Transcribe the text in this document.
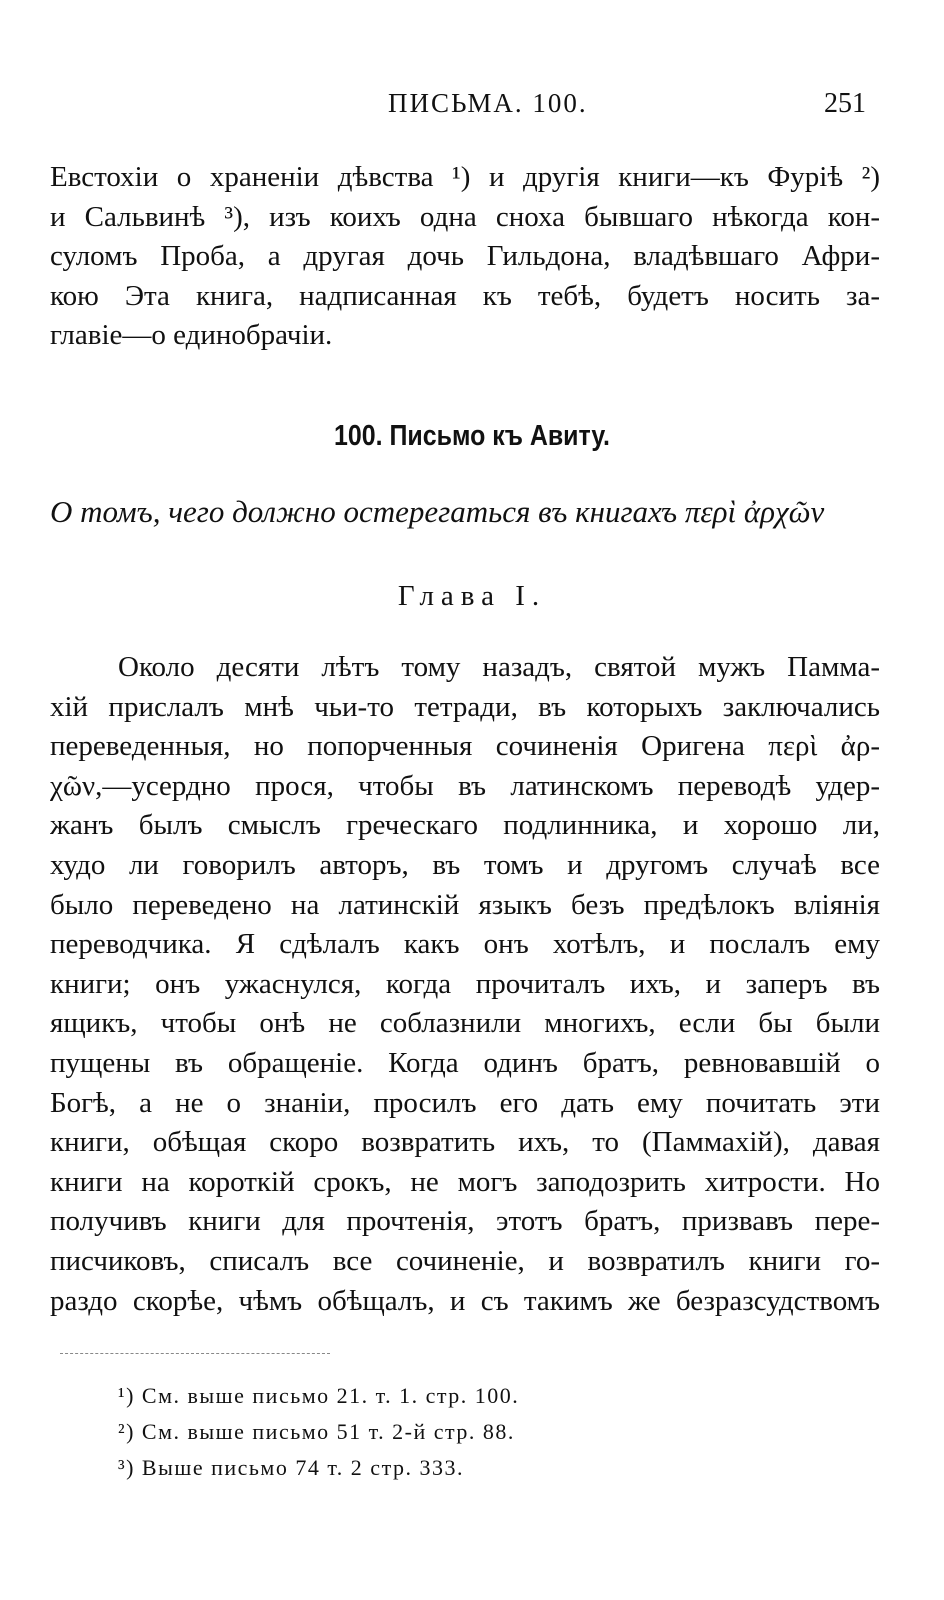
ПИСЬМА. 100.	251
Евстохіи о храненіи дѣвства ¹) и другія книги—къ Фуріѣ ²)
и Сальвинѣ ³), изъ коихъ одна сноха бывшаго нѣкогда кон-
суломъ Проба, а другая дочь Гильдона, владѣвшаго Афри-
кою Эта книга, надписанная къ тебѣ, будетъ носить за-
главіе—о единобрачіи.
100. Письмо къ Авиту.
О томъ, чего должно остерегаться въ книгахъ περὶ ἀρχῶν
Глава I.
Около десяти лѣтъ тому назадъ, святой мужъ Памма-
хій прислалъ мнѣ чьи-то тетради, въ которыхъ заключались
переведенныя, но попорченныя сочиненія Оригена περὶ ἀρ-
χῶν,—усердно прося, чтобы въ латинскомъ переводѣ удер-
жанъ былъ смыслъ греческаго подлинника, и хорошо ли,
худо ли говорилъ авторъ, въ томъ и другомъ случаѣ все
было переведено на латинскій языкъ безъ предѣлокъ вліянія
переводчика. Я сдѣлалъ какъ онъ хотѣлъ, и послалъ ему
книги; онъ ужаснулся, когда прочиталъ ихъ, и заперъ въ
ящикъ, чтобы онѣ не соблазнили многихъ, если бы были
пущены въ обращеніе. Когда одинъ братъ, ревновавшій о
Богѣ, а не о знаніи, просилъ его дать ему почитать эти
книги, обѣщая скоро возвратить ихъ, то (Паммахій), давая
книги на короткій срокъ, не могъ заподозрить хитрости. Но
получивъ книги для прочтенія, этотъ братъ, призвавъ пере-
писчиковъ, списалъ все сочиненіе, и возвратилъ книги го-
раздо скорѣе, чѣмъ обѣщалъ, и съ такимъ же безразсудствомъ
¹) См. выше письмо 21. т. 1. стр. 100.
²) См. выше письмо 51 т. 2-й стр. 88.
³) Выше письмо 74 т. 2 стр. 333.
